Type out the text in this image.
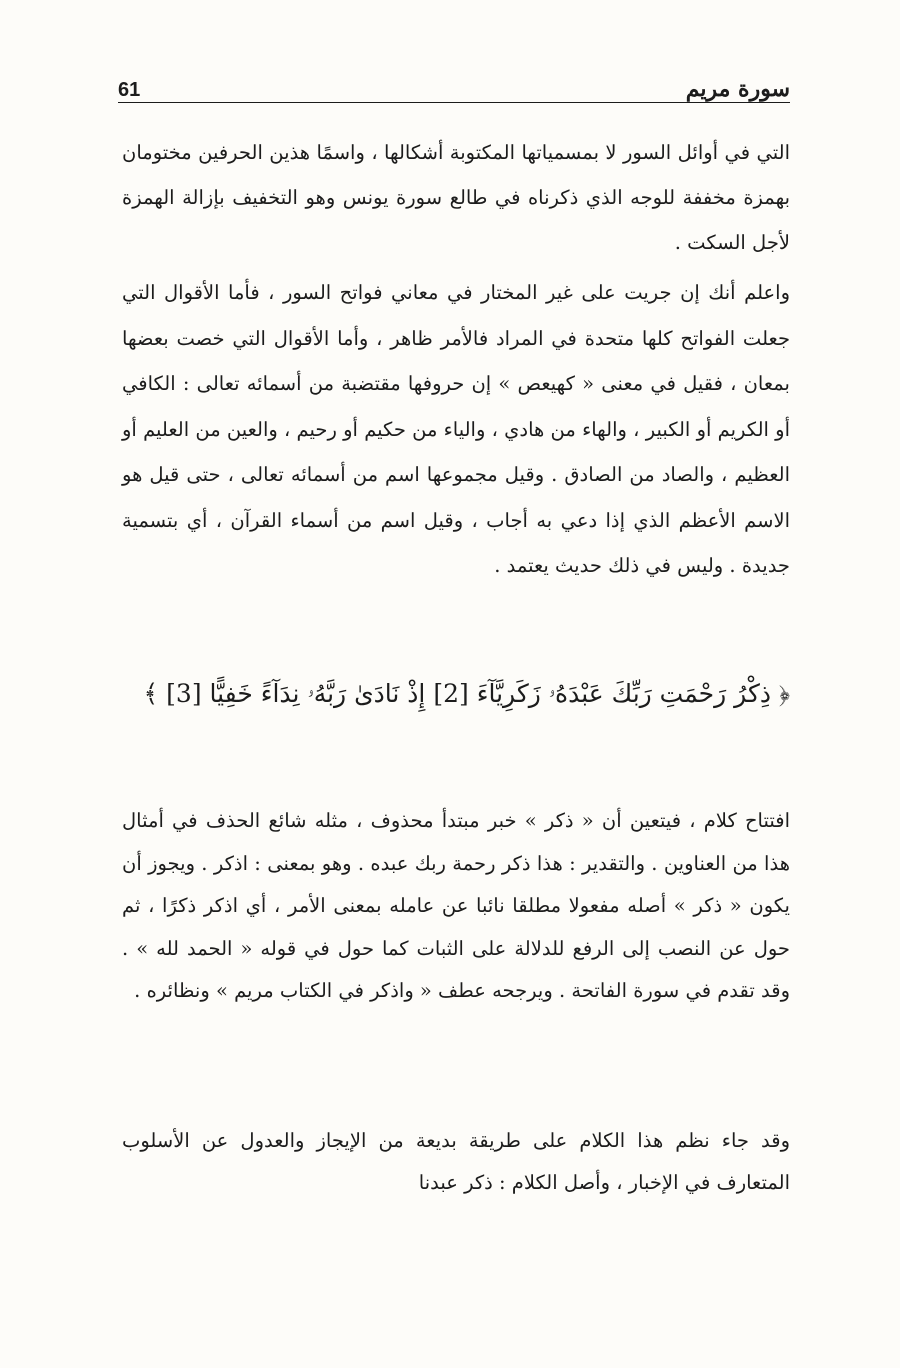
61	سورة مريم
التي في أوائل السور لا بمسمياتها المكتوبة أشكالها ، واسمًا هذين الحرفين مختومان بهمزة مخففة للوجه الذي ذكرناه في طالع سورة يونس وهو التخفيف بإزالة الهمزة لأجل السكت .
واعلم أنك إن جريت على غير المختار في معاني فواتح السور ، فأما الأقوال التي جعلت الفواتح كلها متحدة في المراد فالأمر ظاهر ، وأما الأقوال التي خصت بعضها بمعان ، فقيل في معنى « كهيعص » إن حروفها مقتضبة من أسمائه تعالى : الكافي أو الكريم أو الكبير ، والهاء من هادي ، والياء من حكيم أو رحيم ، والعين من العليم أو العظيم ، والصاد من الصادق . وقيل مجموعها اسم من أسمائه تعالى ، حتى قيل هو الاسم الأعظم الذي إذا دعي به أجاب ، وقيل اسم من أسماء القرآن ، أي بتسمية جديدة . وليس في ذلك حديث يعتمد .
﴿ ذِكْرُ رَحْمَتِ رَبِّكَ عَبْدَهُۥ زَكَرِيَّآءَ [2] إِذْ نَادَىٰ رَبَّهُۥ نِدَآءً خَفِيًّا [3] ﴾
افتتاح كلام ، فيتعين أن « ذكر » خبر مبتدأ محذوف ، مثله شائع الحذف في أمثال هذا من العناوين . والتقدير : هذا ذكر رحمة ربك عبده . وهو بمعنى : اذكر . ويجوز أن يكون « ذكر » أصله مفعولا مطلقا نائبا عن عامله بمعنى الأمر ، أي اذكر ذكرًا ، ثم حول عن النصب إلى الرفع للدلالة على الثبات كما حول في قوله « الحمد لله » . وقد تقدم في سورة الفاتحة . ويرجحه عطف « واذكر في الكتاب مريم » ونظائره .
وقد جاء نظم هذا الكلام على طريقة بديعة من الإيجاز والعدول عن الأسلوب المتعارف في الإخبار ، وأصل الكلام : ذكر عبدنا
